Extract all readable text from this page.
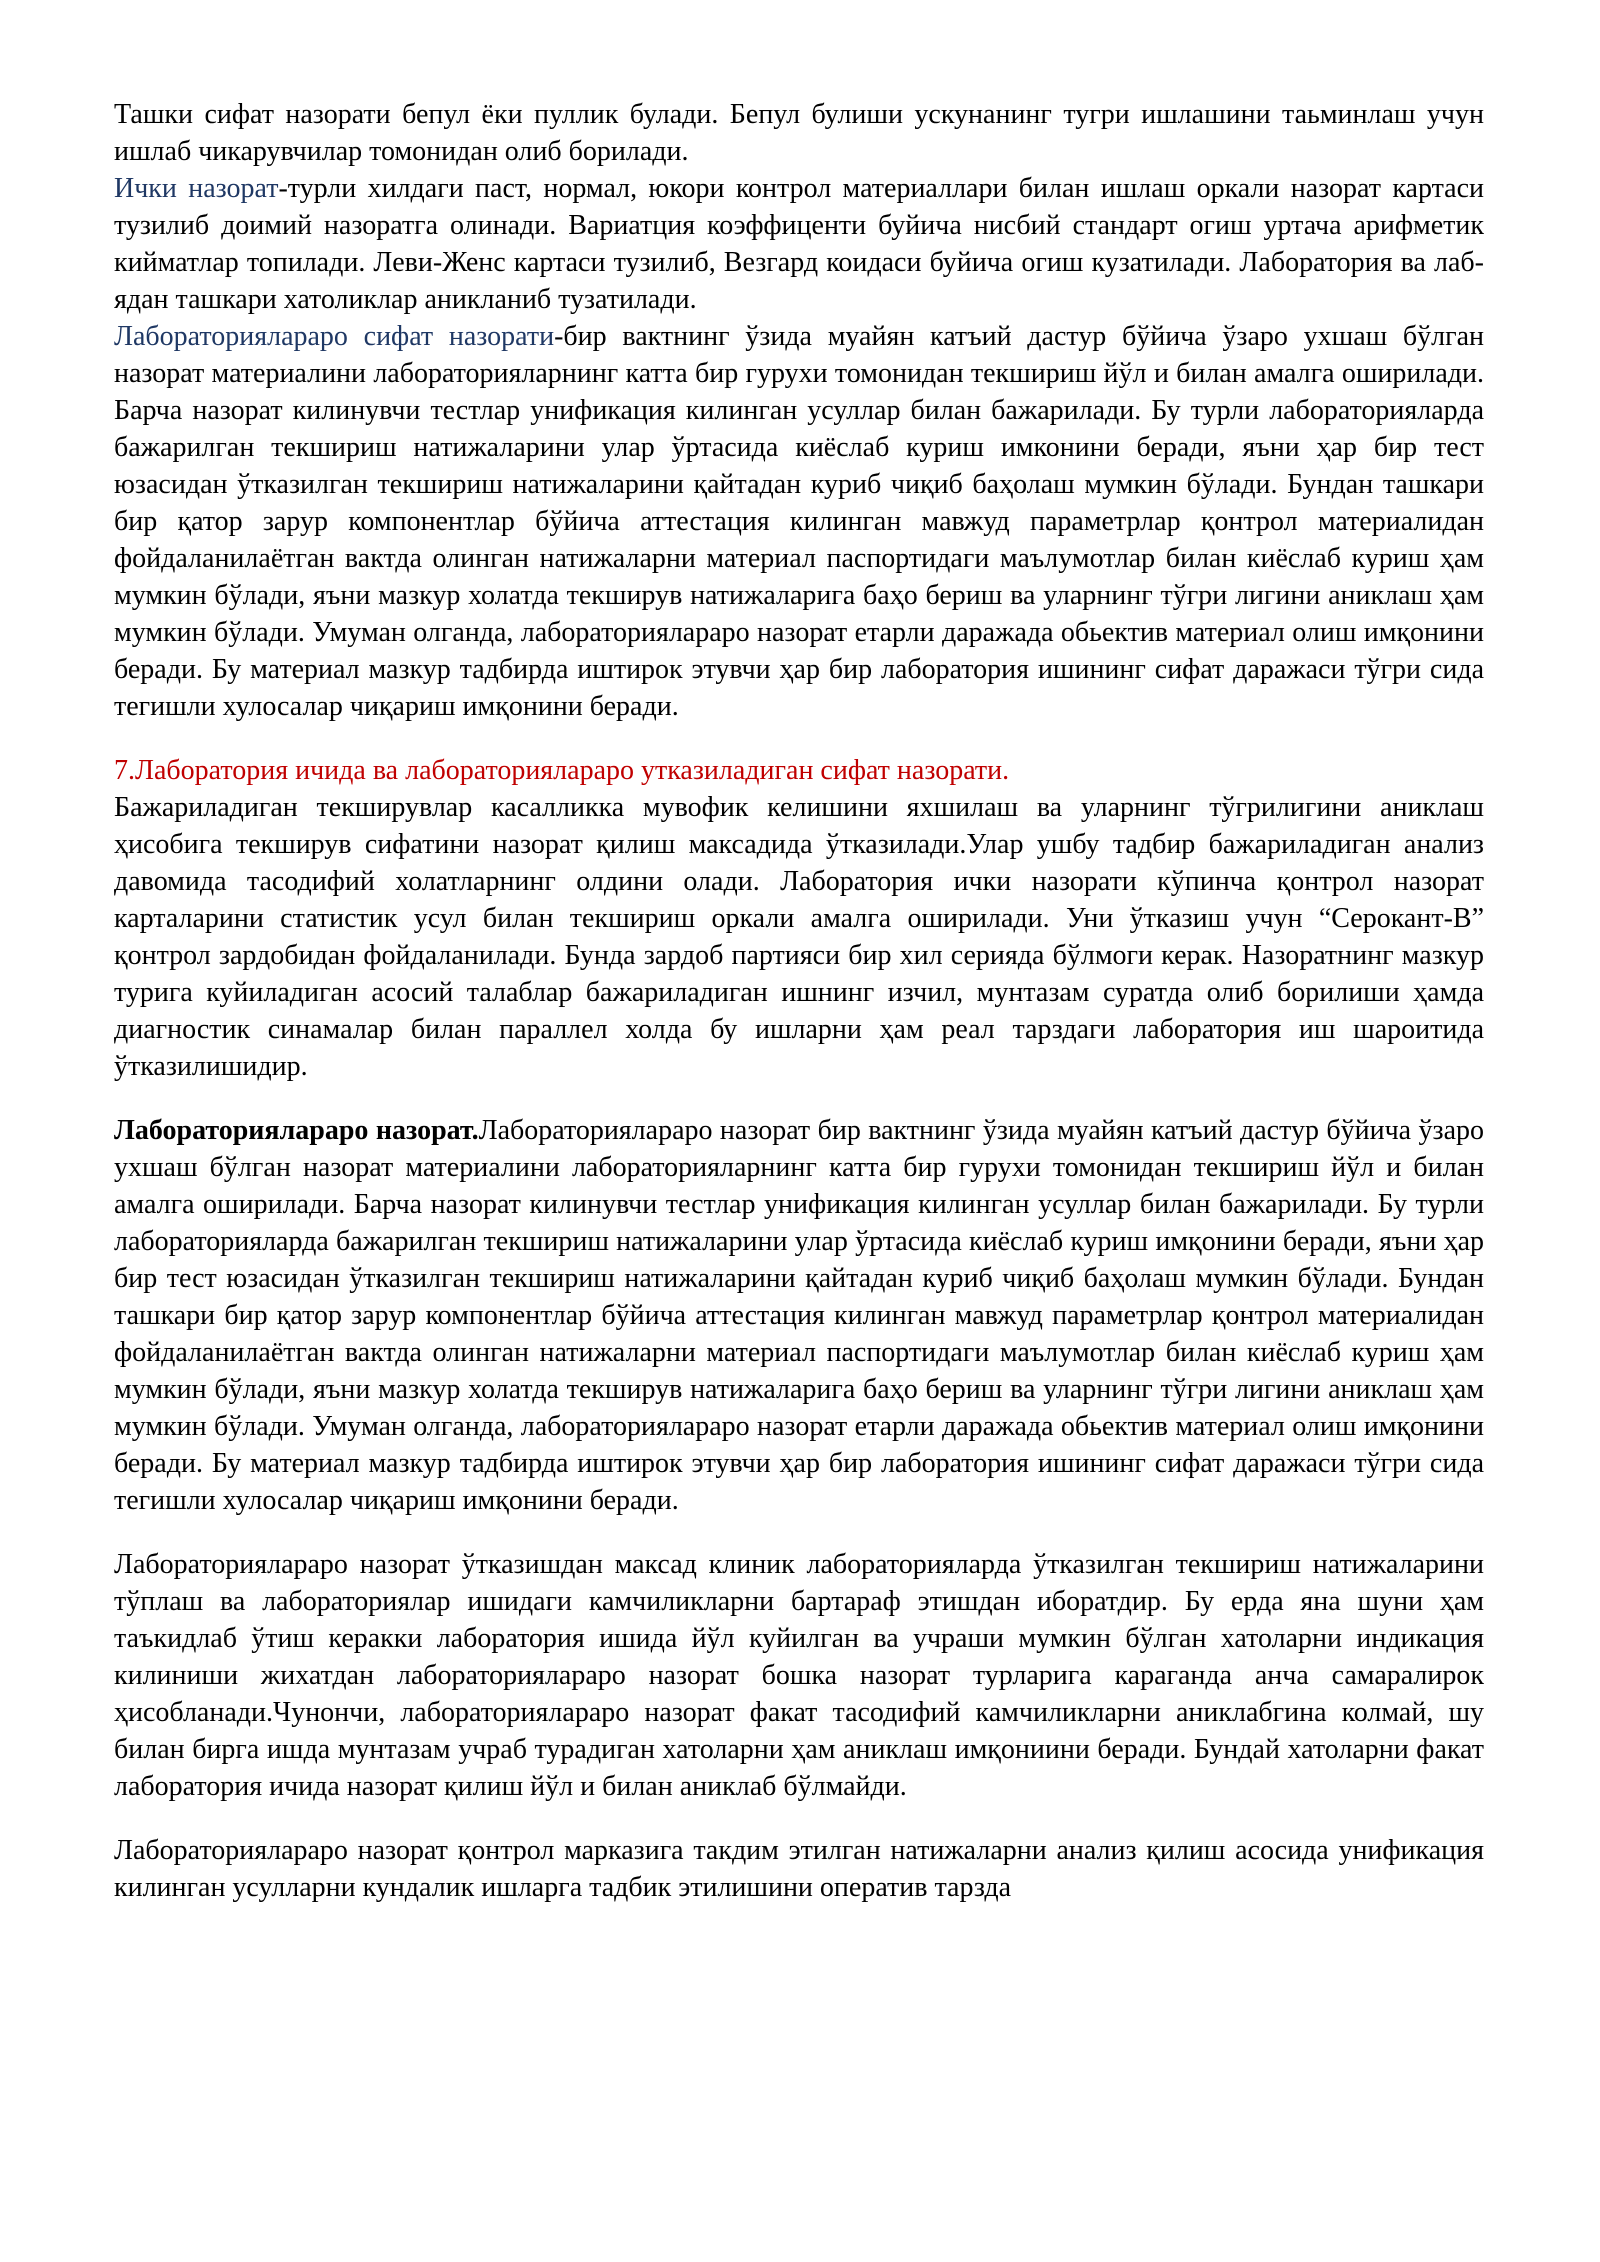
Ташки сифат назорати бепул ёки пуллик булади. Бепул булиши ускунанинг тугри ишлашини таьминлаш учун ишлаб чикарувчилар томонидан олиб борилади.

Ички назорат-турли хилдаги паст, нормал, юкори контрол материаллари билан ишлаш оркали назорат картаси тузилиб доимий назоратга олинади. Вариатция коэффиценти буйича нисбий стандарт огиш уртача арифметик кийматлар топилади. Леви-Женс картаси тузилиб, Везгард коидаси буйича огиш кузатилади. Лаборатория ва лаб-ядан ташкари хатоликлар аникланиб тузатилади.

Лабораториялараро сифат назорати-бир вактнинг ўзида муайян катъий дастур бўйича ўзаро ухшаш бўлган назорат материалини лабораторияларнинг катта бир гурухи томонидан текшириш йўл и билан амалга оширилади. Барча назорат килинувчи тестлар унификация килинган усуллар билан бажарилади. Бу турли лабораторияларда бажарилган текшириш натижаларини улар ўртасида киёслаб куриш имконини беради, яъни ҳар бир тест юзасидан ўтказилган текшириш натижаларини қайтадан куриб чиқиб баҳолаш мумкин бўлади. Бундан ташкари бир қатор зарур компонентлар бўйича аттестация килинган мавжуд параметрлар қонтрол материалидан фойдаланилаётган вактда олинган натижаларни материал паспортидаги маълумотлар билан киёслаб куриш ҳам мумкин бўлади, яъни мазкур холатда текширув натижаларига баҳо бериш ва уларнинг тўгри лигини аниклаш ҳам мумкин бўлади. Умуман олганда, лабораториялараро назорат етарли даражада обьектив материал олиш имқонини беради. Бу материал мазкур тадбирда иштирок этувчи ҳар бир лаборатория ишининг сифат даражаси тўгри сида тегишли хулосалар чиқариш имқонини беради.

7.Лаборатория ичида ва лабораториялараро утказиладиган сифат назорати.

Бажариладиган текширувлар касалликка мувофик келишини яхшилаш ва уларнинг тўгрилигини аниклаш ҳисобига текширув сифатини назорат қилиш максадида ўтказилади.Улар ушбу тадбир бажариладиган анализ давомида тасодифий холатларнинг олдини олади. Лаборатория ички назорати кўпинча қонтрол назорат карталарини статистик усул билан текшириш оркали амалга оширилади. Уни ўтказиш учун “Серокант-В” қонтрол зардобидан фойдаланилади. Бунда зардоб партияси бир хил серияда бўлмоги керак. Назоратнинг мазкур турига куйиладиган асосий талаблар бажариладиган ишнинг изчил, мунтазам суратда олиб борилиши ҳамда диагностик синамалар билан параллел холда бу ишларни ҳам реал тарздаги лаборатория иш шароитида ўтказилишидир.

Лабораториялараро назорат.Лабораториялараро назорат бир вактнинг ўзида муайян катъий дастур бўйича ўзаро ухшаш бўлган назорат материалини лабораторияларнинг катта бир гурухи томонидан текшириш йўл и билан амалга оширилади. Барча назорат килинувчи тестлар унификация килинган усуллар билан бажарилади. Бу турли лабораторияларда бажарилган текшириш натижаларини улар ўртасида киёслаб куриш имқонини беради, яъни ҳар бир тест юзасидан ўтказилган текшириш натижаларини қайтадан куриб чиқиб баҳолаш мумкин бўлади. Бундан ташкари бир қатор зарур компонентлар бўйича аттестация килинган мавжуд параметрлар қонтрол материалидан фойдаланилаётган вактда олинган натижаларни материал паспортидаги маълумотлар билан киёслаб куриш ҳам мумкин бўлади, яъни мазкур холатда текширув натижаларига баҳо бериш ва уларнинг тўгри лигини аниклаш ҳам мумкин бўлади. Умуман олганда, лабораториялараро назорат етарли даражада обьектив материал олиш имқонини беради. Бу материал мазкур тадбирда иштирок этувчи ҳар бир лаборатория ишининг сифат даражаси тўгри сида тегишли хулосалар чиқариш имқонини беради.

Лабораториялараро назорат ўтказишдан максад клиник лабораторияларда ўтказилган текшириш натижаларини тўплаш ва лабораториялар ишидаги камчиликларни бартараф этишдан иборатдир. Бу ерда яна шуни ҳам таъкидлаб ўтиш керакки лаборатория ишида йўл куйилган ва учраши мумкин бўлган хатоларни индикация килиниши жихатдан лабораториялараро назорат бошка назорат турларига караганда анча самаралирок ҳисобланади.Чунончи, лабораториялараро назорат факат тасодифий камчиликларни аниклабгина колмай, шу билан бирга ишда мунтазам учраб турадиган хатоларни ҳам аниклаш имқониини беради. Бундай хатоларни факат лаборатория ичида назорат қилиш йўл и билан аниклаб бўлмайди.

Лабораториялараро назорат қонтрол марказига такдим этилган натижаларни анализ қилиш асосида унификация килинган усулларни кундалик ишларга тадбик этилишини оператив тарзда
